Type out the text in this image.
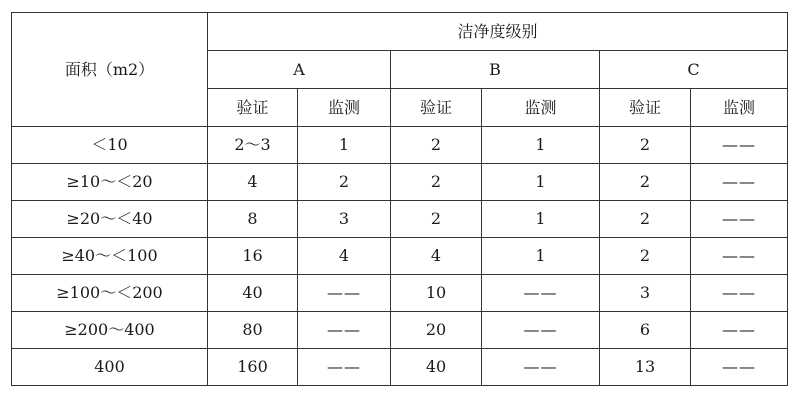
面积（m2）	洁净度级别					
	A		B		C	
	验证	监测	验证	监测	验证	监测
＜10	2～3	1	2	1	2	——
≥10～＜20	4	2	2	1	2	——
≥20～＜40	8	3	2	1	2	——
≥40～＜100	16	4	4	1	2	——
≥100～＜200	40	——	10	——	3	——
≥200～400	80	——	20	——	6	——
400	160	——	40	——	13	——
